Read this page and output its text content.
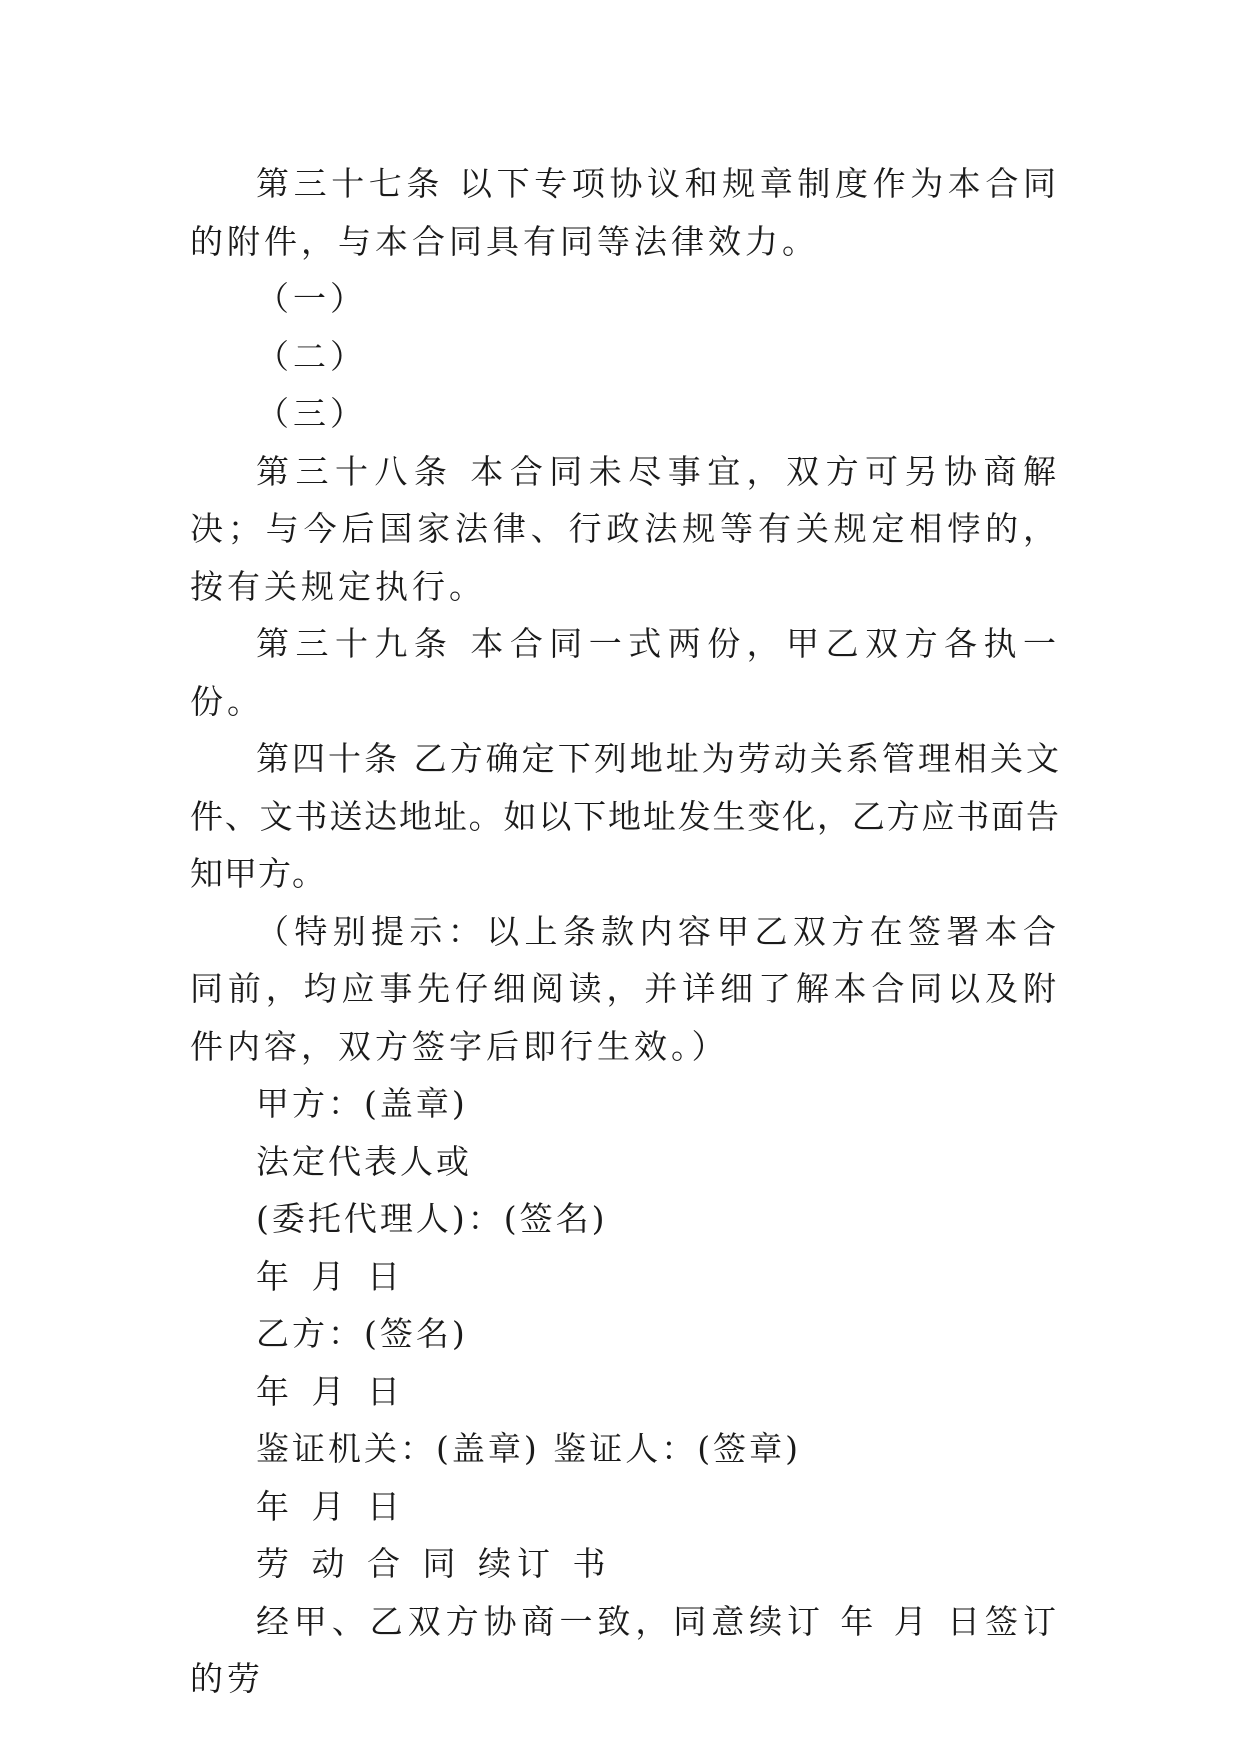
第三十七条 以下专项协议和规章制度作为本合同的附件，与本合同具有同等法律效力。

（一）

（二）

（三）

第三十八条 本合同未尽事宜，双方可另协商解决；与今后国家法律、行政法规等有关规定相悖的，按有关规定执行。

第三十九条 本合同一式两份，甲乙双方各执一份。

第四十条 乙方确定下列地址为劳动关系管理相关文件、文书送达地址。如以下地址发生变化，乙方应书面告知甲方。

（特别提示：以上条款内容甲乙双方在签署本合同前，均应事先仔细阅读，并详细了解本合同以及附件内容，双方签字后即行生效。）

甲方：(盖章)

法定代表人或

(委托代理人)：(签名)

年 月 日

乙方：(签名)

年 月 日

鉴证机关：(盖章) 鉴证人：(签章)

年 月 日

劳 动 合 同 续订 书

经甲、乙双方协商一致，同意续订 年 月 日签订的劳
